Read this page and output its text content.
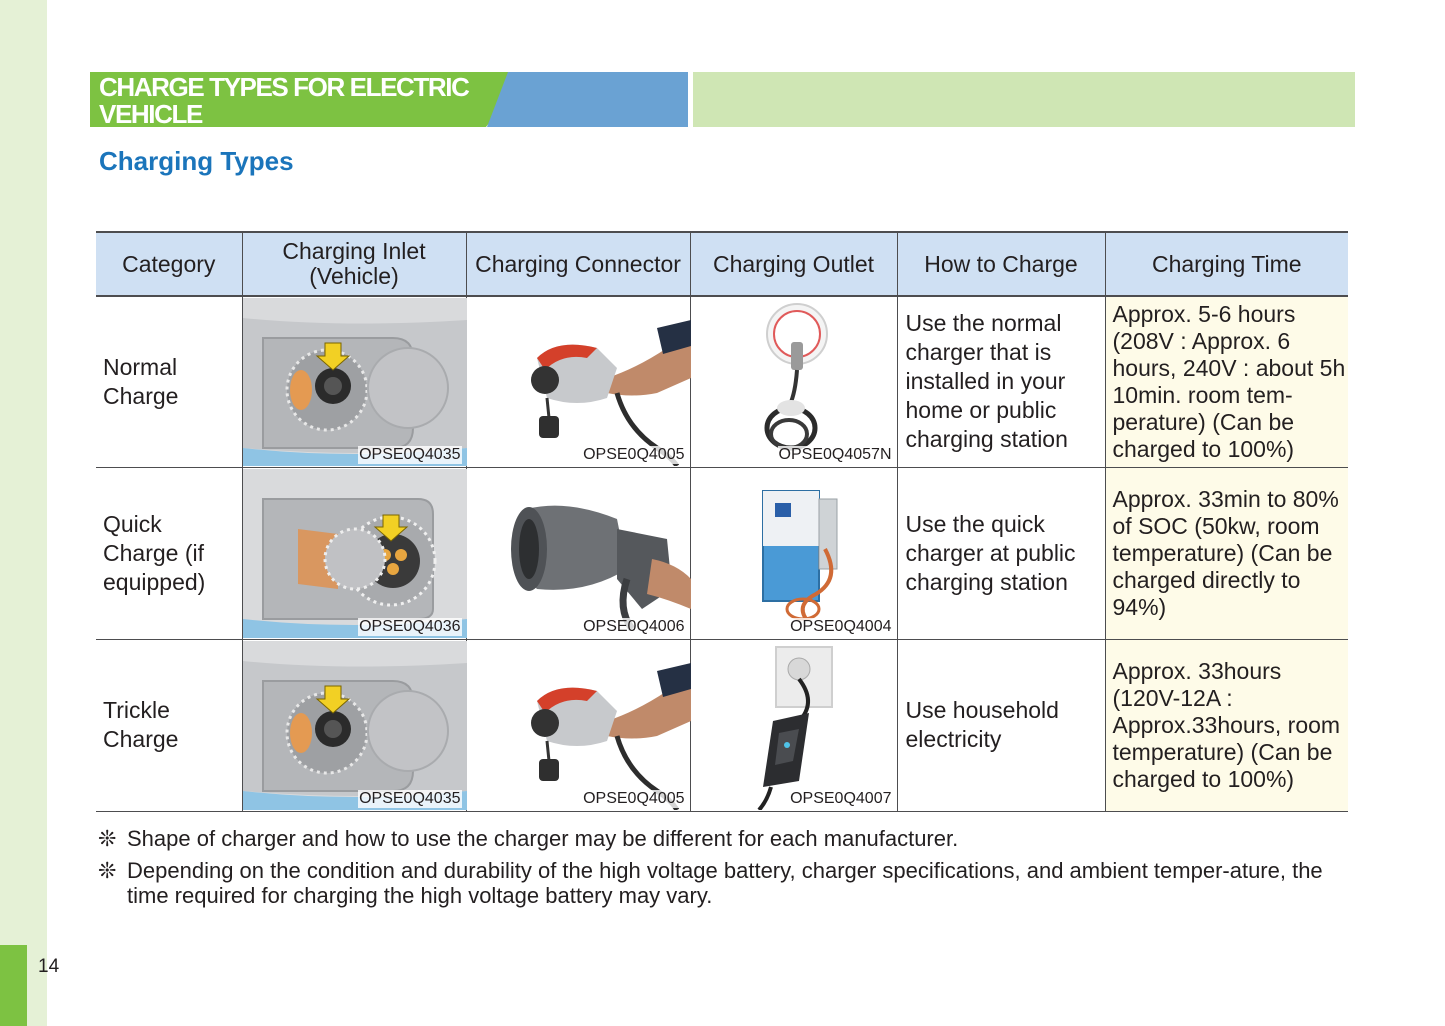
14
CHARGE TYPES FOR ELECTRIC VEHICLE
Charging Types
Category	Charging Inlet (Vehicle)	Charging Connector	Charging Outlet	How to Charge	Charging Time

Normal Charge	OPSE0Q4035	OPSE0Q4005	OPSE0Q4057N	Use the normal charger that is installed in your home or public charging station	Approx. 5-6 hours (208V : Approx. 6 hours, 240V : about 5h 10min. room tem-perature) (Can be charged to 100%)

Quick Charge (if equipped)	OPSE0Q4036	OPSE0Q4006	OPSE0Q4004	Use the quick charger at public charging station	Approx. 33min to 80% of SOC (50kw, room temperature) (Can be charged directly to 94%)

Trickle Charge	OPSE0Q4035	OPSE0Q4005	OPSE0Q4007	Use household electricity	Approx. 33hours (120V-12A : Approx.33hours, room temperature) (Can be charged to 100%)
❊ Shape of charger and how to use the charger may be different for each manufacturer.
❊ Depending on the condition and durability of the high voltage battery, charger specifications, and ambient temper-ature, the time required for charging the high voltage battery may vary.
